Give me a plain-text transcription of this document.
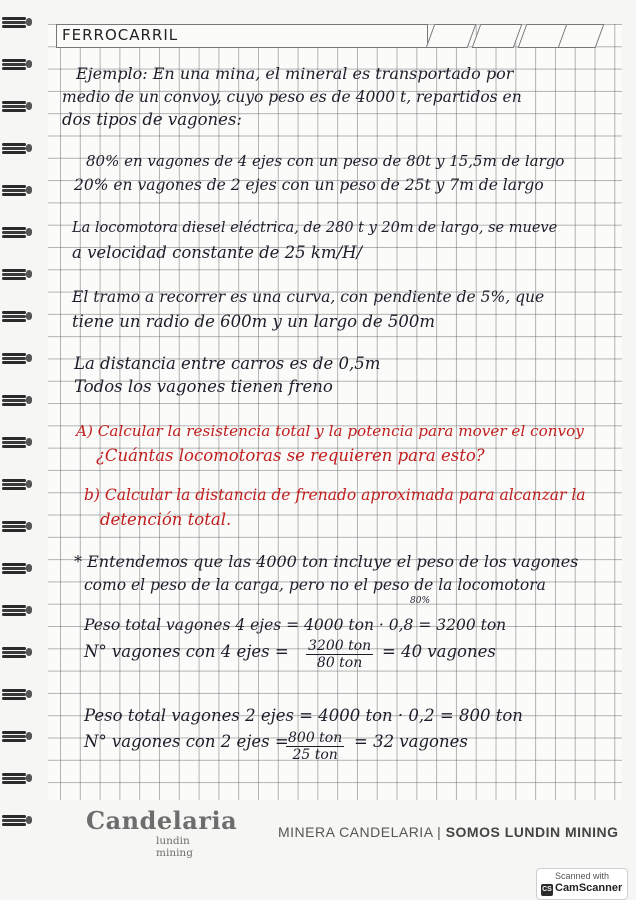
FERROCARRIL
Ejemplo: En una mina, el mineral es transportado por
medio de un convoy, cuyo peso es de 4000 t, repartidos en
dos tipos de vagones:
80% en vagones de 4 ejes con un peso de 80t y 15,5m de largo
20% en vagones de 2 ejes con un peso de 25t y 7m de largo
La locomotora diesel eléctrica, de 280 t y 20m de largo, se mueve
a velocidad constante de 25 km/H/
El tramo a recorrer es una curva, con pendiente de 5%, que
tiene un radio de 600m y un largo de 500m
La distancia entre carros es de 0,5m
Todos los vagones tienen freno
A) Calcular la resistencia total y la potencia para mover el convoy
¿Cuántas locomotoras se requieren para esto?
b) Calcular la distancia de frenado aproximada para alcanzar la
detención total.
* Entendemos que las 4000 ton incluye el peso de los vagones
como el peso de la carga, pero no el peso de la locomotora
80%
Peso total vagones 4 ejes = 4000 ton · 0,8 = 3200 ton
N° vagones con 4 ejes = 3200 ton
80 ton
= 40 vagones
Peso total vagones 2 ejes = 4000 ton · 0,2 = 800 ton
N° vagones con 2 ejes = 800 ton
25 ton
= 32 vagones
Candelaria
lundin mining
MINERA CANDELARIA | SOMOS LUNDIN MINING
Scanned with
CS CamScanner
